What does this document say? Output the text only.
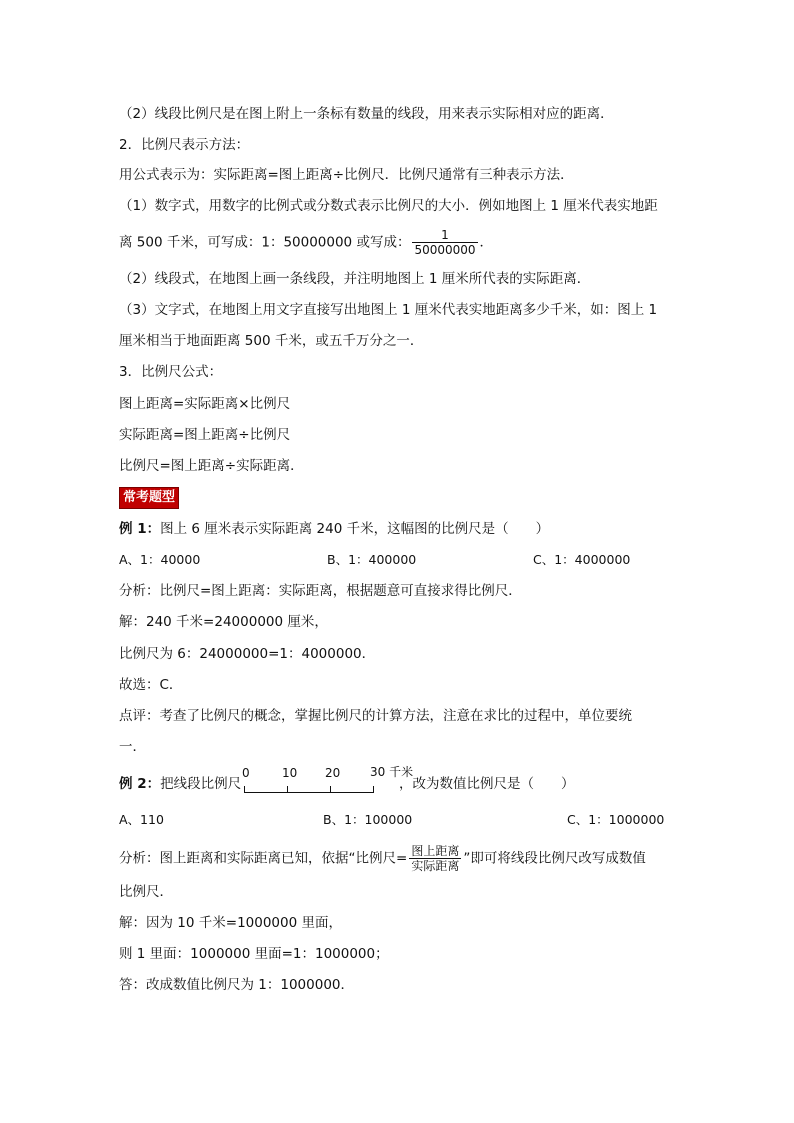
（2）线段比例尺是在图上附上一条标有数量的线段，用来表示实际相对应的距离．
2．比例尺表示方法：
用公式表示为：实际距离=图上距离÷比例尺．比例尺通常有三种表示方法．
（1）数字式，用数字的比例式或分数式表示比例尺的大小．例如地图上 1 厘米代表实地距
离 500 千米，可写成：1：50000000 或写成： $\frac{1}{50000000}$ ．
（2）线段式，在地图上画一条线段，并注明地图上 1 厘米所代表的实际距离．
（3）文字式，在地图上用文字直接写出地图上 1 厘米代表实地距离多少千米，如：图上 1
厘米相当于地面距离 500 千米，或五千万分之一．
3．比例尺公式：
图上距离=实际距离×比例尺
实际距离=图上距离÷比例尺
比例尺=图上距离÷实际距离．
常考题型
例 1：图上 6 厘米表示实际距离 240 千米，这幅图的比例尺是（　　）
A、1：40000	B、1：400000	C、1：4000000
分析：比例尺=图上距离：实际距离，根据题意可直接求得比例尺．
解：240 千米=24000000 厘米，
比例尺为 6：24000000=1：4000000．
故选：C．
点评：考查了比例尺的概念，掌握比例尺的计算方法，注意在求比的过程中，单位要统
一．
例 2：把线段比例尺
0	10 20 30 千米
，改为数值比例尺是（　　）
A、110	B、1：100000	C、1：1000000
分析：图上距离和实际距离已知，依据“比例尺= $\frac{\text{图上距离}}{\text{实际距离}}$ ”即可将线段比例尺改写成数值
比例尺．
解：因为 10 千米=1000000 里面，
则 1 里面：1000000 里面=1：1000000；
答：改成数值比例尺为 1：1000000．
